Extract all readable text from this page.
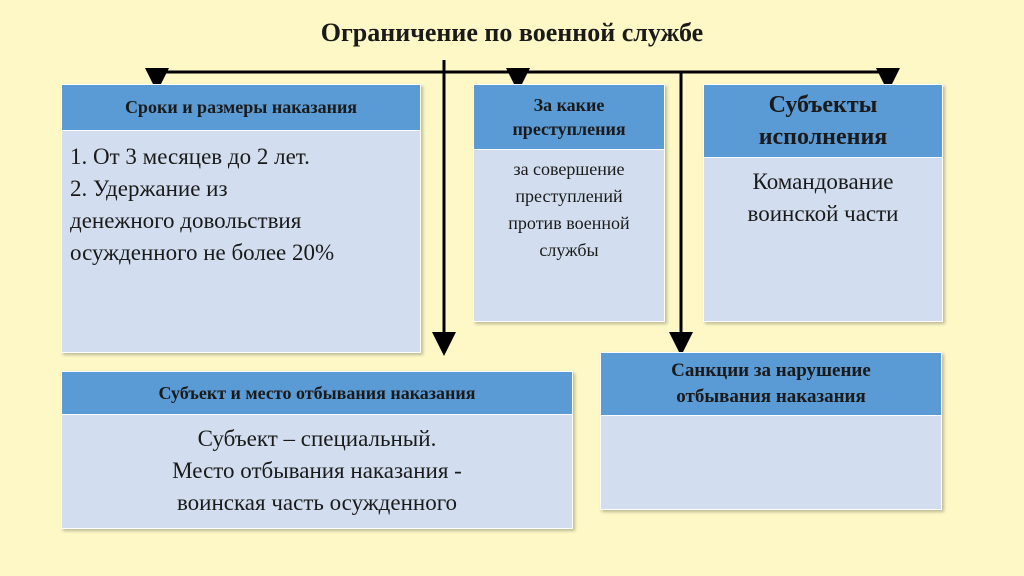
Ограничение по военной службе
Сроки и размеры наказания
1. От 3 месяцев до 2 лет.
2. Удержание из
денежного довольствия
осужденного не более 20%
За какие
преступления
за совершение
преступлений
против военной
службы
Субъекты
исполнения
Командование
воинской части
Субъект и место отбывания наказания
Субъект – специальный.
Место отбывания наказания -
воинская часть осужденного
Санкции за нарушение
отбывания наказания
